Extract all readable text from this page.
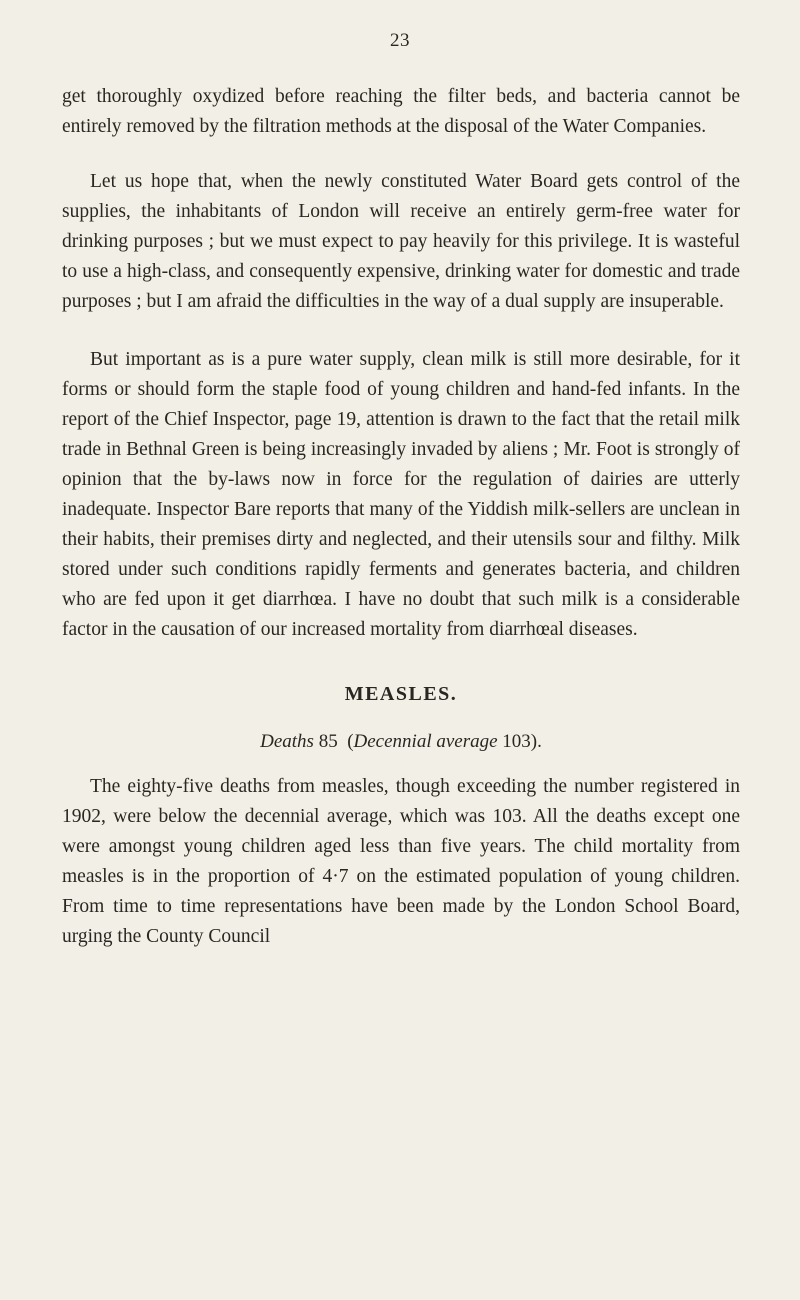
23

get thoroughly oxydized before reaching the filter beds, and bacteria cannot be entirely removed by the filtration methods at the disposal of the Water Companies.

Let us hope that, when the newly constituted Water Board gets control of the supplies, the inhabitants of London will receive an entirely germ-free water for drinking purposes ; but we must expect to pay heavily for this privilege. It is wasteful to use a high-class, and consequently expensive, drinking water for domestic and trade purposes ; but I am afraid the difficulties in the way of a dual supply are insuperable.

But important as is a pure water supply, clean milk is still more desirable, for it forms or should form the staple food of young children and hand-fed infants. In the report of the Chief Inspector, page 19, attention is drawn to the fact that the retail milk trade in Bethnal Green is being increasingly invaded by aliens ; Mr. Foot is strongly of opinion that the by-laws now in force for the regulation of dairies are utterly inadequate. Inspector Bare reports that many of the Yiddish milk-sellers are unclean in their habits, their premises dirty and neglected, and their utensils sour and filthy. Milk stored under such conditions rapidly ferments and generates bacteria, and children who are fed upon it get diarrhœa. I have no doubt that such milk is a considerable factor in the causation of our increased mortality from diarrhœal diseases.

MEASLES.
Deaths 85 (Decennial average 103).

The eighty-five deaths from measles, though exceeding the number registered in 1902, were below the decennial average, which was 103. All the deaths except one were amongst young children aged less than five years. The child mortality from measles is in the proportion of 4·7 on the estimated population of young children. From time to time representations have been made by the London School Board, urging the County Council
